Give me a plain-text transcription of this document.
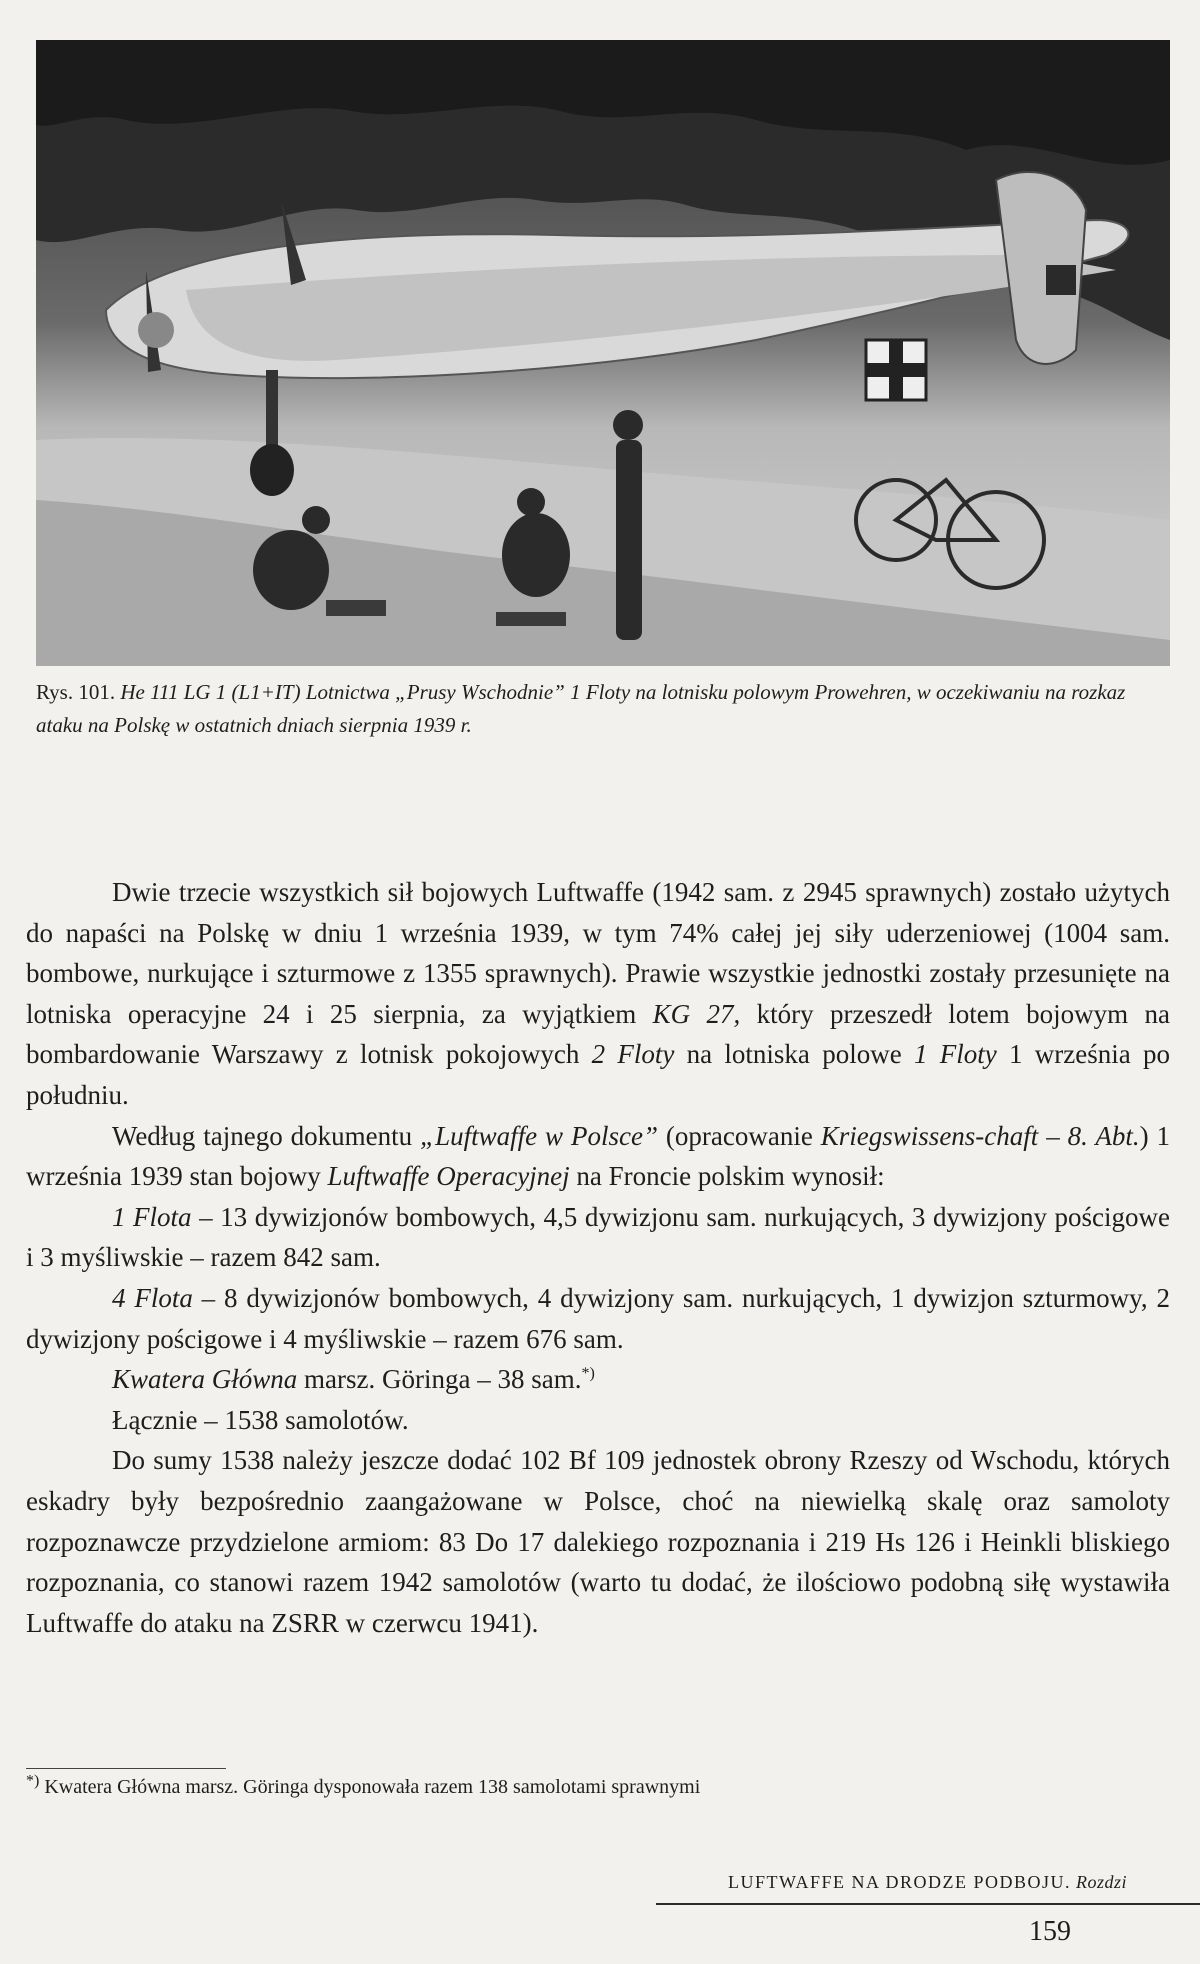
Rys. 101. He 111 LG 1 (L1+IT) Lotnictwa „Prusy Wschodnie” 1 Floty na lotnisku polowym Prowehren, w oczekiwaniu na rozkaz ataku na Polskę w ostatnich dniach sierpnia 1939 r.

Dwie trzecie wszystkich sił bojowych Luftwaffe (1942 sam. z 2945 sprawnych) zostało użytych do napaści na Polskę w dniu 1 września 1939, w tym 74% całej jej siły uderzeniowej (1004 sam. bombowe, nurkujące i szturmowe z 1355 sprawnych). Prawie wszystkie jednostki zostały przesunięte na lotniska operacyjne 24 i 25 sierpnia, za wyjątkiem KG 27, który przeszedł lotem bojowym na bombardowanie Warszawy z lotnisk pokojowych 2 Floty na lotniska polowe 1 Floty 1 września po południu.

Według tajnego dokumentu „Luftwaffe w Polsce” (opracowanie Kriegswissens-chaft – 8. Abt.) 1 września 1939 stan bojowy Luftwaffe Operacyjnej na Froncie polskim wynosił:

1 Flota – 13 dywizjonów bombowych, 4,5 dywizjonu sam. nurkujących, 3 dywizjony pościgowe i 3 myśliwskie – razem 842 sam.

4 Flota – 8 dywizjonów bombowych, 4 dywizjony sam. nurkujących, 1 dywizjon szturmowy, 2 dywizjony pościgowe i 4 myśliwskie – razem 676 sam.

Kwatera Główna marsz. Göringa – 38 sam.*)

Łącznie – 1538 samolotów.

Do sumy 1538 należy jeszcze dodać 102 Bf 109 jednostek obrony Rzeszy od Wschodu, których eskadry były bezpośrednio zaangażowane w Polsce, choć na niewielką skalę oraz samoloty rozpoznawcze przydzielone armiom: 83 Do 17 dalekiego rozpoznania i 219 Hs 126 i Heinkli bliskiego rozpoznania, co stanowi razem 1942 samolotów (warto tu dodać, że ilościowo podobną siłę wystawiła Luftwaffe do ataku na ZSRR w czerwcu 1941).

*) Kwatera Główna marsz. Göringa dysponowała razem 138 samolotami sprawnymi
LUFTWAFFE NA DRODZE PODBOJU. Rozdzi
159
